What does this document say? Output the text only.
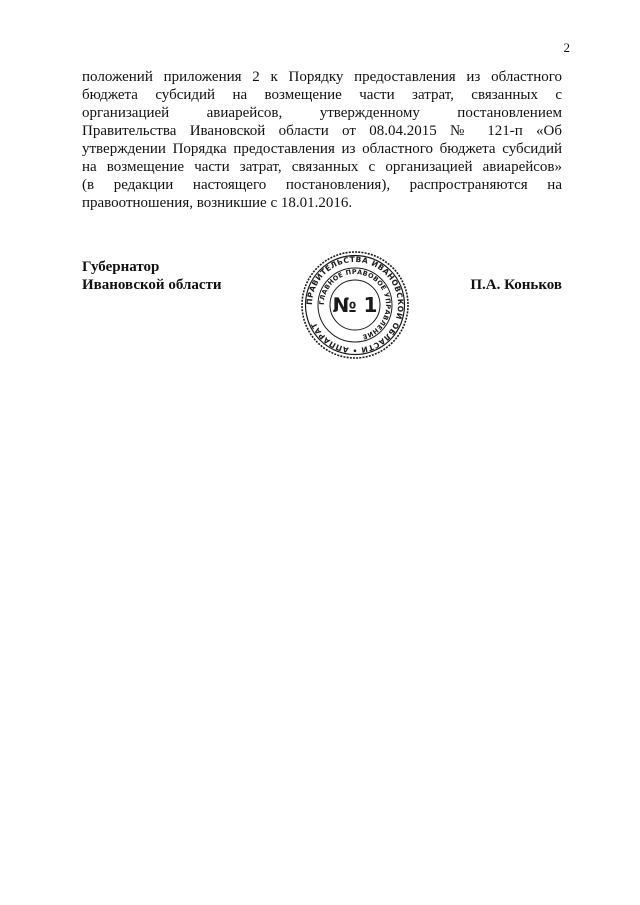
2

положений приложения 2 к Порядку предоставления из областного
бюджета субсидий на возмещение части затрат, связанных с
организацией авиарейсов, утвержденному постановлением
Правительства Ивановской области от 08.04.2015 № 121-п «Об
утверждении Порядка предоставления из областного бюджета субсидий
на возмещение части затрат, связанных с организацией авиарейсов»
(в редакции настоящего постановления), распространяются на
правоотношения, возникшие с 18.01.2016.

Губернатор
Ивановской области
ПРАВИТЕЛЬСТВА ИВАНОВСКОЙ ОБЛАСТИ • АППАРАТ
ГЛАВНОЕ ПРАВОВОЕ УПРАВЛЕНИЕ
№ 1
П.А. Коньков
